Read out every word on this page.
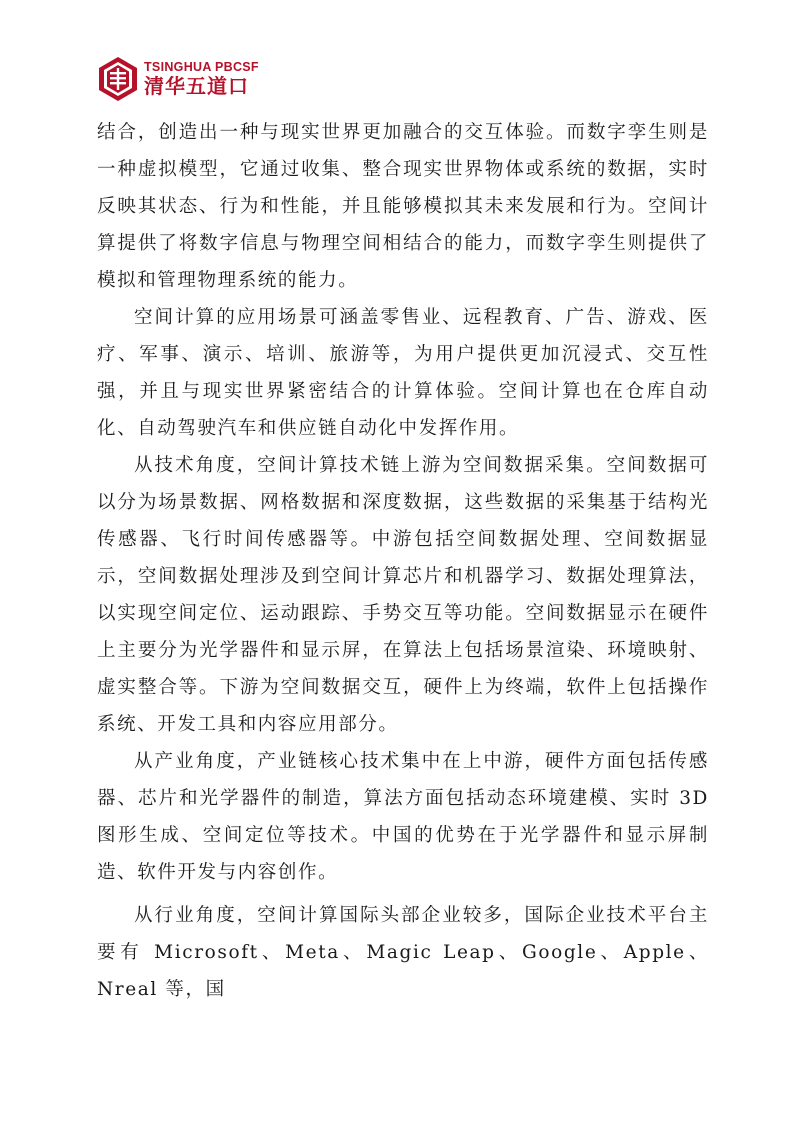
TSINGHUA PBCSF
清华五道口

结合，创造出一种与现实世界更加融合的交互体验。而数字孪生则是一种虚拟模型，它通过收集、整合现实世界物体或系统的数据，实时反映其状态、行为和性能，并且能够模拟其未来发展和行为。空间计算提供了将数字信息与物理空间相结合的能力，而数字孪生则提供了模拟和管理物理系统的能力。

空间计算的应用场景可涵盖零售业、远程教育、广告、游戏、医疗、军事、演示、培训、旅游等，为用户提供更加沉浸式、交互性强，并且与现实世界紧密结合的计算体验。空间计算也在仓库自动化、自动驾驶汽车和供应链自动化中发挥作用。

从技术角度，空间计算技术链上游为空间数据采集。空间数据可以分为场景数据、网格数据和深度数据，这些数据的采集基于结构光传感器、飞行时间传感器等。中游包括空间数据处理、空间数据显示，空间数据处理涉及到空间计算芯片和机器学习、数据处理算法，以实现空间定位、运动跟踪、手势交互等功能。空间数据显示在硬件上主要分为光学器件和显示屏，在算法上包括场景渲染、环境映射、虚实整合等。下游为空间数据交互，硬件上为终端，软件上包括操作系统、开发工具和内容应用部分。

从产业角度，产业链核心技术集中在上中游，硬件方面包括传感器、芯片和光学器件的制造，算法方面包括动态环境建模、实时 3D 图形生成、空间定位等技术。中国的优势在于光学器件和显示屏制造、软件开发与内容创作。

从行业角度，空间计算国际头部企业较多，国际企业技术平台主要有 Microsoft、Meta、Magic Leap、Google、Apple、Nreal 等，国
